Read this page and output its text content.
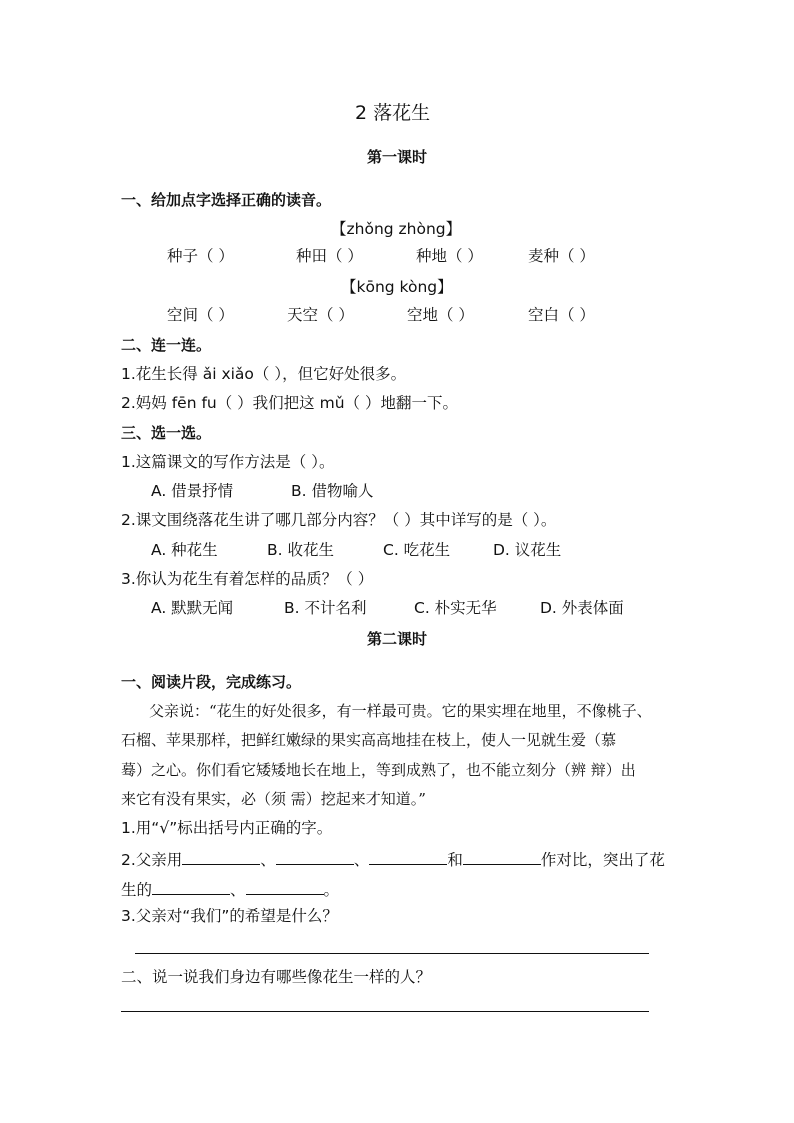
2 落花生
第一课时
一、给加点字选择正确的读音。
【zhǒng zhòng】
种子（ ）	种田（ ）	种地（ ）	麦种（ ）
【kōng kòng】
空间（ ）	天空（ ）	空地（ ）	空白（ ）
二、连一连。
1.花生长得 ǎi xiǎo（ ），但它好处很多。
2.妈妈 fēn fu（ ）我们把这 mǔ（ ）地翻一下。
三、选一选。
1.这篇课文的写作方法是（ ）。
A. 借景抒情	B. 借物喻人
2.课文围绕落花生讲了哪几部分内容？（ ）其中详写的是（ ）。
A. 种花生	B. 收花生	C. 吃花生	D. 议花生
3.你认为花生有着怎样的品质？（ ）
A. 默默无闻	B. 不计名利	C. 朴实无华	D. 外表体面
第二课时
一、阅读片段，完成练习。
父亲说：“花生的好处很多，有一样最可贵。它的果实埋在地里，不像桃子、
石榴、苹果那样，把鲜红嫩绿的果实高高地挂在枝上，使人一见就生爱（慕
蓦）之心。你们看它矮矮地长在地上，等到成熟了，也不能立刻分（辨 辩）出
来它有没有果实，必（须 需）挖起来才知道。”
1.用“√”标出括号内正确的字。
2.父亲用	、	、	和	作对比，突出了花
生的	、	。
3.父亲对“我们”的希望是什么？
二、说一说我们身边有哪些像花生一样的人？
